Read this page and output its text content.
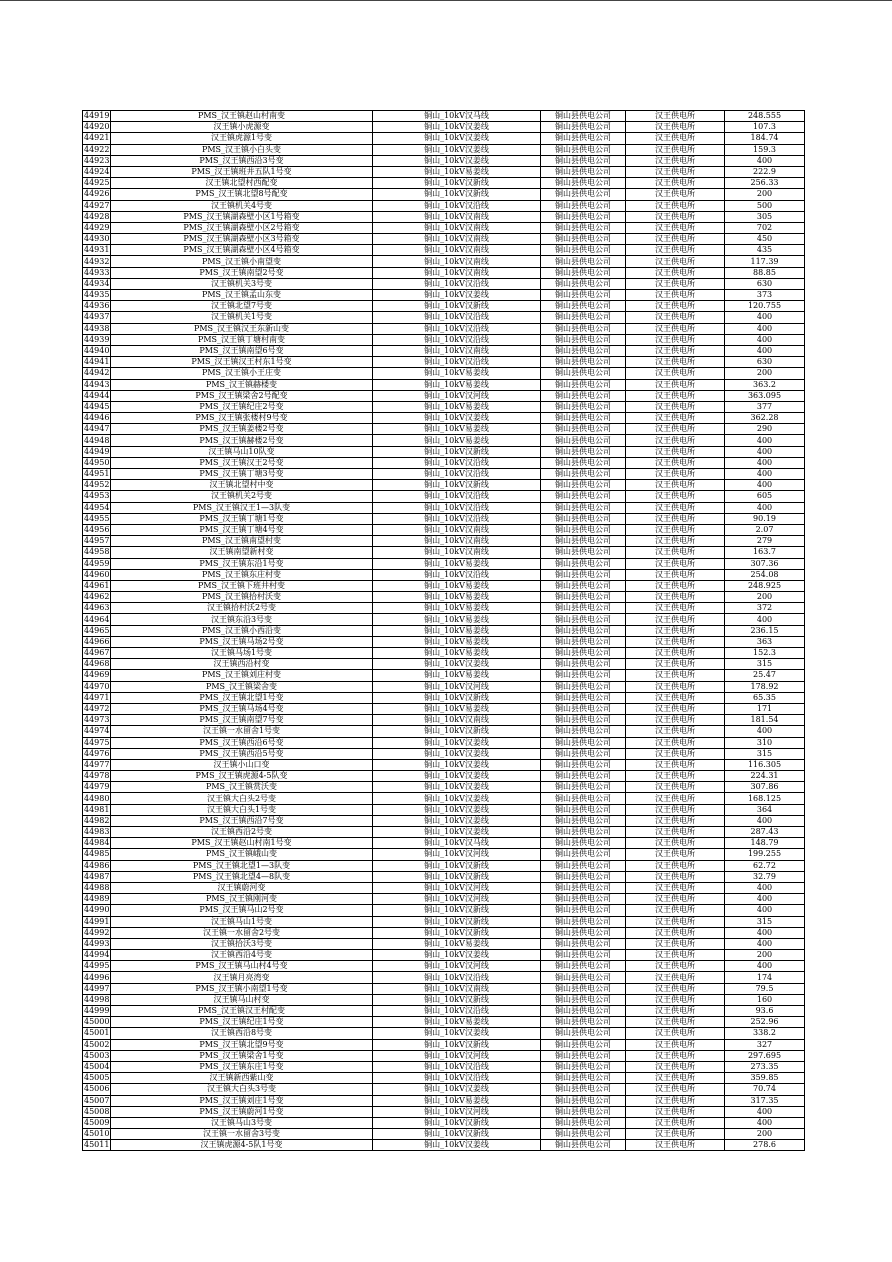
44919	PMS_汉王镇赵山村南变	铜山_10kV汉马线	铜山县供电公司	汉王供电所	248.555
44920	汉王镇小虎源变	铜山_10kV汉姜线	铜山县供电公司	汉王供电所	107.3
44921	汉王镇虎源1号变	铜山_10kV汉姜线	铜山县供电公司	汉王供电所	184.74
44922	PMS_汉王镇小白头变	铜山_10kV汉姜线	铜山县供电公司	汉王供电所	159.3
44923	PMS_汉王镇西沿3号变	铜山_10kV汉姜线	铜山县供电公司	汉王供电所	400
44924	PMS_汉王镇班井五队1号变	铜山_10kV易姜线	铜山县供电公司	汉王供电所	222.9
44925	汉王镇北望村西配变	铜山_10kV汉新线	铜山县供电公司	汉王供电所	256.33
44926	PMS_汉王镇北望8号配变	铜山_10kV汉新线	铜山县供电公司	汉王供电所	200
44927	汉王镇机关4号变	铜山_10kV汉沿线	铜山县供电公司	汉王供电所	500
44928	PMS_汉王镇湖森壁小区1号箱变	铜山_10kV汉南线	铜山县供电公司	汉王供电所	305
44929	PMS_汉王镇湖森壁小区2号箱变	铜山_10kV汉南线	铜山县供电公司	汉王供电所	702
44930	PMS_汉王镇湖森壁小区3号箱变	铜山_10kV汉南线	铜山县供电公司	汉王供电所	450
44931	PMS_汉王镇湖森壁小区4号箱变	铜山_10kV汉南线	铜山县供电公司	汉王供电所	435
44932	PMS_汉王镇小南望变	铜山_10kV汉南线	铜山县供电公司	汉王供电所	117.39
44933	PMS_汉王镇南望2号变	铜山_10kV汉南线	铜山县供电公司	汉王供电所	88.85
44934	汉王镇机关3号变	铜山_10kV汉沿线	铜山县供电公司	汉王供电所	630
44935	PMS_汉王镇孟山东变	铜山_10kV汉姜线	铜山县供电公司	汉王供电所	373
44936	汉王镇北望7号变	铜山_10kV汉新线	铜山县供电公司	汉王供电所	120.755
44937	汉王镇机关1号变	铜山_10kV汉沿线	铜山县供电公司	汉王供电所	400
44938	PMS_汉王镇汉王东新山变	铜山_10kV汉沿线	铜山县供电公司	汉王供电所	400
44939	PMS_汉王镇丁塘村南变	铜山_10kV汉沿线	铜山县供电公司	汉王供电所	400
44940	PMS_汉王镇南望6号变	铜山_10kV汉南线	铜山县供电公司	汉王供电所	400
44941	PMS_汉王镇汉王村东1号变	铜山_10kV汉沿线	铜山县供电公司	汉王供电所	630
44942	PMS_汉王镇小王庄变	铜山_10kV易姜线	铜山县供电公司	汉王供电所	200
44943	PMS_汉王镇赫楼变	铜山_10kV易姜线	铜山县供电公司	汉王供电所	363.2
44944	PMS_汉王镇梁舍2号配变	铜山_10kV汉河线	铜山县供电公司	汉王供电所	363.095
44945	PMS_汉王镇纪庄2号变	铜山_10kV易姜线	铜山县供电公司	汉王供电所	377
44946	PMS_汉王镇张楼村9号变	铜山_10kV汉姜线	铜山县供电公司	汉王供电所	362.28
44947	PMS_汉王镇姜楼2号变	铜山_10kV易姜线	铜山县供电公司	汉王供电所	290
44948	PMS_汉王镇赫楼2号变	铜山_10kV易姜线	铜山县供电公司	汉王供电所	400
44949	汉王镇马山10队变	铜山_10kV汉新线	铜山县供电公司	汉王供电所	400
44950	PMS_汉王镇汉王2号变	铜山_10kV汉沿线	铜山县供电公司	汉王供电所	400
44951	PMS_汉王镇丁塘3号变	铜山_10kV汉沿线	铜山县供电公司	汉王供电所	400
44952	汉王镇北望村中变	铜山_10kV汉新线	铜山县供电公司	汉王供电所	400
44953	汉王镇机关2号变	铜山_10kV汉沿线	铜山县供电公司	汉王供电所	605
44954	PMS_汉王镇汉王1—3队变	铜山_10kV汉沿线	铜山县供电公司	汉王供电所	400
44955	PMS_汉王镇丁塘1号变	铜山_10kV汉沿线	铜山县供电公司	汉王供电所	90.19
44956	PMS_汉王镇丁塘4号变	铜山_10kV汉南线	铜山县供电公司	汉王供电所	2.07
44957	PMS_汉王镇南望村变	铜山_10kV汉南线	铜山县供电公司	汉王供电所	279
44958	汉王镇南望新村变	铜山_10kV汉南线	铜山县供电公司	汉王供电所	163.7
44959	PMS_汉王镇东沿1号变	铜山_10kV易姜线	铜山县供电公司	汉王供电所	307.36
44960	PMS_汉王镇东庄村变	铜山_10kV汉沿线	铜山县供电公司	汉王供电所	254.08
44961	PMS_汉王镇下班井村变	铜山_10kV易姜线	铜山县供电公司	汉王供电所	248.925
44962	PMS_汉王镇拾村沃变	铜山_10kV易姜线	铜山县供电公司	汉王供电所	200
44963	汉王镇拾村沃2号变	铜山_10kV易姜线	铜山县供电公司	汉王供电所	372
44964	汉王镇东沿3号变	铜山_10kV易姜线	铜山县供电公司	汉王供电所	400
44965	PMS_汉王镇小西沿变	铜山_10kV易姜线	铜山县供电公司	汉王供电所	236.15
44966	PMS_汉王镇马场2号变	铜山_10kV易姜线	铜山县供电公司	汉王供电所	363
44967	汉王镇马场1号变	铜山_10kV易姜线	铜山县供电公司	汉王供电所	152.3
44968	汉王镇西沿村变	铜山_10kV汉姜线	铜山县供电公司	汉王供电所	315
44969	PMS_汉王镇刘庄村变	铜山_10kV易姜线	铜山县供电公司	汉王供电所	25.47
44970	PMS_汉王镇梁舍变	铜山_10kV汉河线	铜山县供电公司	汉王供电所	178.92
44971	PMS_汉王镇北望1号变	铜山_10kV汉新线	铜山县供电公司	汉王供电所	65.35
44972	PMS_汉王镇马场4号变	铜山_10kV易姜线	铜山县供电公司	汉王供电所	171
44973	PMS_汉王镇南望7号变	铜山_10kV汉南线	铜山县供电公司	汉王供电所	181.54
44974	汉王镇一水留舍1号变	铜山_10kV汉新线	铜山县供电公司	汉王供电所	400
44975	PMS_汉王镇西沿6号变	铜山_10kV汉姜线	铜山县供电公司	汉王供电所	310
44976	PMS_汉王镇西沿5号变	铜山_10kV汉姜线	铜山县供电公司	汉王供电所	315
44977	汉王镇小山口变	铜山_10kV汉姜线	铜山县供电公司	汉王供电所	116.305
44978	PMS_汉王镇虎源4-5队变	铜山_10kV汉姜线	铜山县供电公司	汉王供电所	224.31
44979	PMS_汉王镇赏沃变	铜山_10kV汉姜线	铜山县供电公司	汉王供电所	307.86
44980	汉王镇大白头2号变	铜山_10kV汉姜线	铜山县供电公司	汉王供电所	168.125
44981	汉王镇大白头1号变	铜山_10kV汉姜线	铜山县供电公司	汉王供电所	364
44982	PMS_汉王镇西沿7号变	铜山_10kV汉姜线	铜山县供电公司	汉王供电所	400
44983	汉王镇西沿2号变	铜山_10kV汉姜线	铜山县供电公司	汉王供电所	287.43
44984	PMS_汉王镇赵山村南1号变	铜山_10kV汉马线	铜山县供电公司	汉王供电所	148.79
44985	PMS_汉王镇峨山变	铜山_10kV汉河线	铜山县供电公司	汉王供电所	199.255
44986	PMS_汉王镇北望1—3队变	铜山_10kV汉新线	铜山县供电公司	汉王供电所	62.72
44987	PMS_汉王镇北望4—8队变	铜山_10kV汉新线	铜山县供电公司	汉王供电所	32.79
44988	汉王镇蔚河变	铜山_10kV汉河线	铜山县供电公司	汉王供电所	400
44989	PMS_汉王镇刚河变	铜山_10kV汉河线	铜山县供电公司	汉王供电所	400
44990	PMS_汉王镇马山2号变	铜山_10kV汉新线	铜山县供电公司	汉王供电所	400
44991	汉王镇马山1号变	铜山_10kV汉新线	铜山县供电公司	汉王供电所	315
44992	汉王镇一水留舍2号变	铜山_10kV汉新线	铜山县供电公司	汉王供电所	400
44993	汉王镇拾沃3号变	铜山_10kV易姜线	铜山县供电公司	汉王供电所	400
44994	汉王镇西沿4号变	铜山_10kV汉姜线	铜山县供电公司	汉王供电所	200
44995	PMS_汉王镇马山村4号变	铜山_10kV汉河线	铜山县供电公司	汉王供电所	400
44996	汉王镇月亮湾变	铜山_10kV汉沿线	铜山县供电公司	汉王供电所	174
44997	PMS_汉王镇小南望1号变	铜山_10kV汉南线	铜山县供电公司	汉王供电所	79.5
44998	汉王镇马山村变	铜山_10kV汉新线	铜山县供电公司	汉王供电所	160
44999	PMS_汉王镇汉王村配变	铜山_10kV汉沿线	铜山县供电公司	汉王供电所	93.6
45000	PMS_汉王镇纪庄1号变	铜山_10kV易姜线	铜山县供电公司	汉王供电所	252.96
45001	汉王镇西沿8号变	铜山_10kV汉姜线	铜山县供电公司	汉王供电所	338.2
45002	PMS_汉王镇北望9号变	铜山_10kV汉新线	铜山县供电公司	汉王供电所	327
45003	PMS_汉王镇梁舍1号变	铜山_10kV汉河线	铜山县供电公司	汉王供电所	297.695
45004	PMS_汉王镇东庄1号变	铜山_10kV汉沿线	铜山县供电公司	汉王供电所	273.35
45005	汉王镇新西紫山变	铜山_10kV汉沿线	铜山县供电公司	汉王供电所	359.85
45006	汉王镇大白头3号变	铜山_10kV汉姜线	铜山县供电公司	汉王供电所	70.74
45007	PMS_汉王镇刘庄1号变	铜山_10kV易姜线	铜山县供电公司	汉王供电所	317.35
45008	PMS_汉王镇蔚河1号变	铜山_10kV汉河线	铜山县供电公司	汉王供电所	400
45009	汉王镇马山3号变	铜山_10kV汉新线	铜山县供电公司	汉王供电所	400
45010	汉王镇一水留舍3号变	铜山_10kV汉新线	铜山县供电公司	汉王供电所	200
45011	汉王镇虎源4-5队1号变	铜山_10kV汉姜线	铜山县供电公司	汉王供电所	278.6
